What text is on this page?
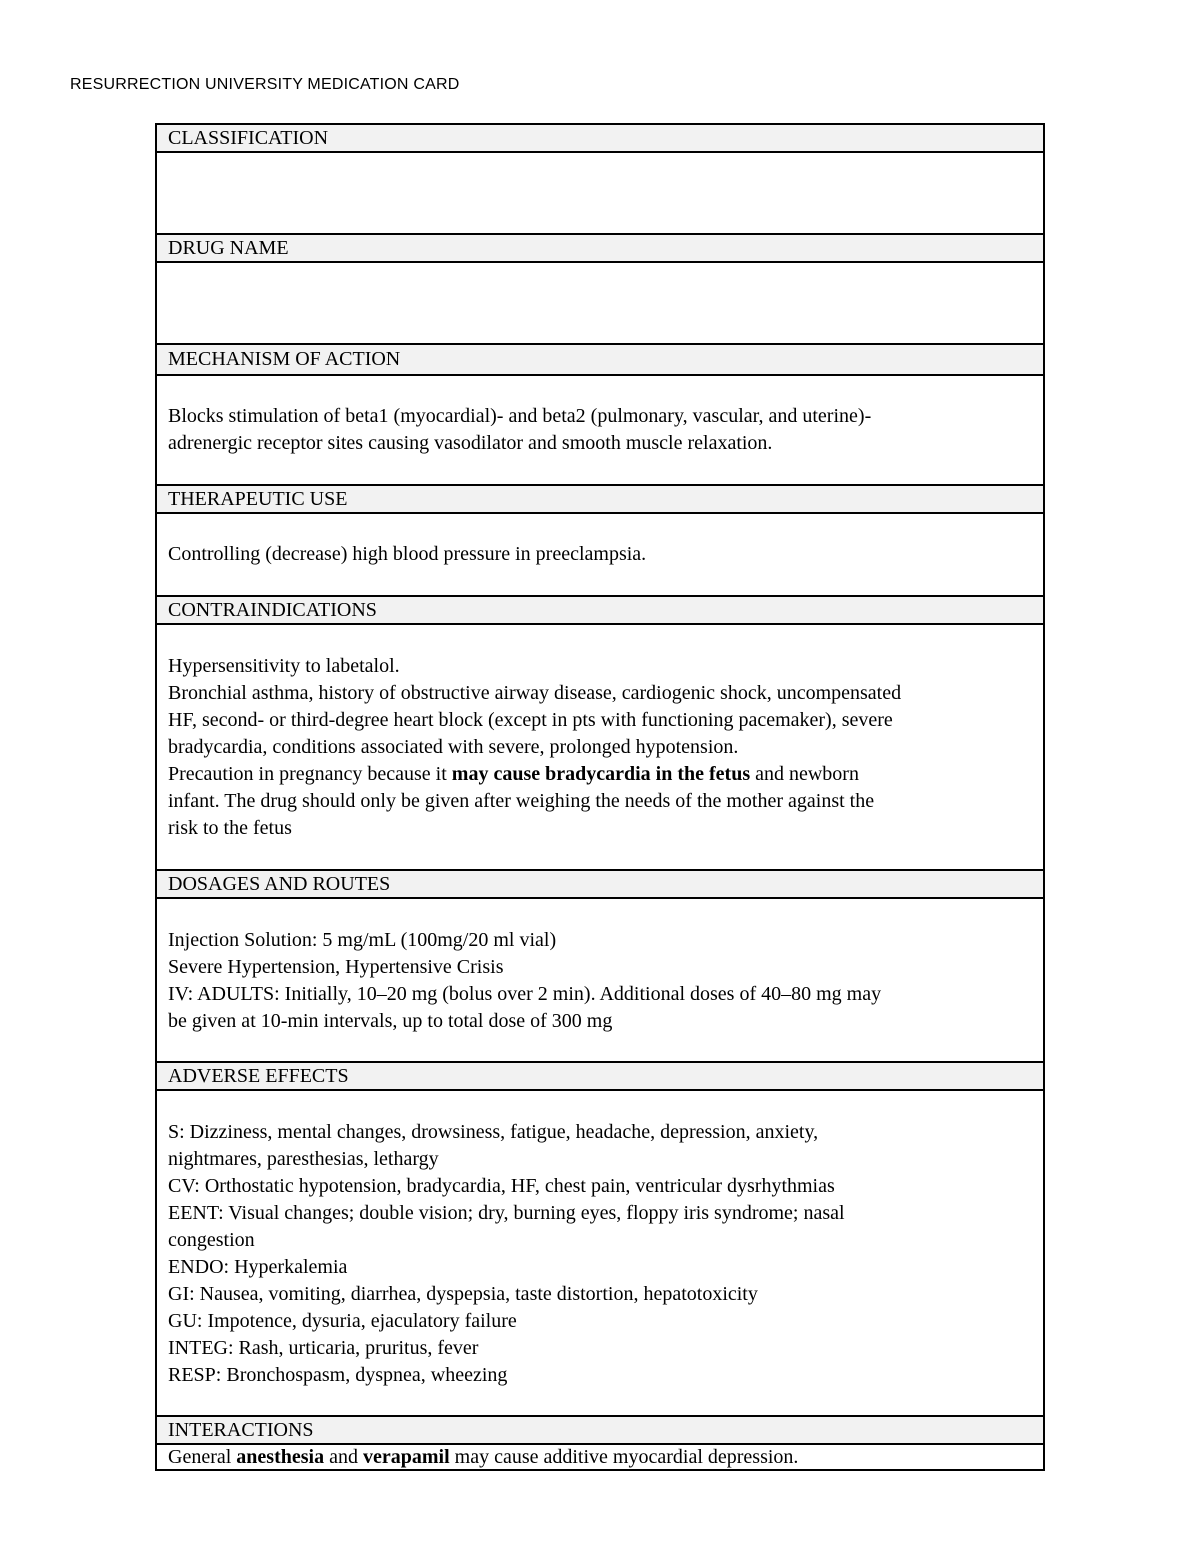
RESURRECTION UNIVERSITY MEDICATION CARD
CLASSIFICATION
DRUG NAME
MECHANISM OF ACTION
Blocks stimulation of beta1 (myocardial)- and beta2 (pulmonary, vascular, and uterine)-
adrenergic receptor sites causing vasodilator and smooth muscle relaxation.
THERAPEUTIC USE
Controlling (decrease) high blood pressure in preeclampsia.
CONTRAINDICATIONS
Hypersensitivity to labetalol.
Bronchial asthma, history of obstructive airway disease, cardiogenic shock, uncompensated
HF, second- or third-degree heart block (except in pts with functioning pacemaker), severe
bradycardia, conditions associated with severe, prolonged hypotension.
Precaution in pregnancy because it may cause bradycardia in the fetus and newborn
infant. The drug should only be given after weighing the needs of the mother against the
risk to the fetus
DOSAGES AND ROUTES
Injection Solution: 5 mg/mL (100mg/20 ml vial)
Severe Hypertension, Hypertensive Crisis
IV: ADULTS: Initially, 10–20 mg (bolus over 2 min). Additional doses of 40–80 mg may
be given at 10-min intervals, up to total dose of 300 mg
ADVERSE EFFECTS
S: Dizziness, mental changes, drowsiness, fatigue, headache, depression, anxiety,
nightmares, paresthesias, lethargy
CV: Orthostatic hypotension, bradycardia, HF, chest pain, ventricular dysrhythmias
EENT: Visual changes; double vision; dry, burning eyes, floppy iris syndrome; nasal
congestion
ENDO: Hyperkalemia
GI: Nausea, vomiting, diarrhea, dyspepsia, taste distortion, hepatotoxicity
GU: Impotence, dysuria, ejaculatory failure
INTEG: Rash, urticaria, pruritus, fever
RESP: Bronchospasm, dyspnea, wheezing
INTERACTIONS
General anesthesia and verapamil may cause additive myocardial depression.
